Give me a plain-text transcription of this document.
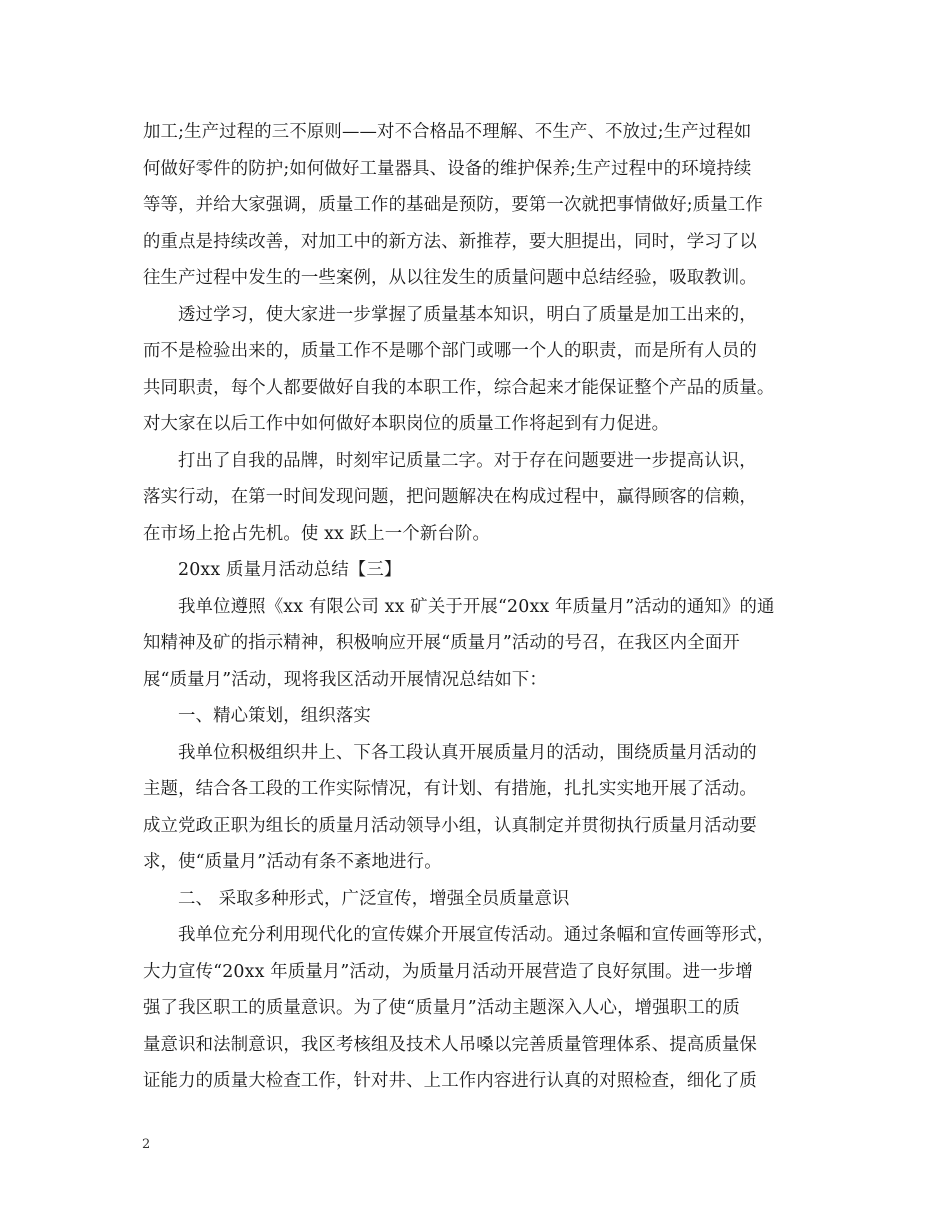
加工;生产过程的三不原则——对不合格品不理解、不生产、不放过;生产过程如
何做好零件的防护;如何做好工量器具、设备的维护保养;生产过程中的环境持续
等等，并给大家强调，质量工作的基础是预防，要第一次就把事情做好;质量工作
的重点是持续改善，对加工中的新方法、新推荐，要大胆提出，同时，学习了以
往生产过程中发生的一些案例，从以往发生的质量问题中总结经验，吸取教训。
透过学习，使大家进一步掌握了质量基本知识，明白了质量是加工出来的，
而不是检验出来的，质量工作不是哪个部门或哪一个人的职责，而是所有人员的
共同职责，每个人都要做好自我的本职工作，综合起来才能保证整个产品的质量。
对大家在以后工作中如何做好本职岗位的质量工作将起到有力促进。
打出了自我的品牌，时刻牢记质量二字。对于存在问题要进一步提高认识，
落实行动，在第一时间发现问题，把问题解决在构成过程中，赢得顾客的信赖，
在市场上抢占先机。使 xx 跃上一个新台阶。
20xx 质量月活动总结【三】
我单位遵照《xx 有限公司 xx 矿关于开展“20xx 年质量月”活动的通知》的通
知精神及矿的指示精神，积极响应开展“质量月”活动的号召，在我区内全面开
展“质量月”活动，现将我区活动开展情况总结如下：
一、精心策划，组织落实
我单位积极组织井上、下各工段认真开展质量月的活动，围绕质量月活动的
主题，结合各工段的工作实际情况，有计划、有措施，扎扎实实地开展了活动。
成立党政正职为组长的质量月活动领导小组，认真制定并贯彻执行质量月活动要
求，使“质量月”活动有条不紊地进行。
二、 采取多种形式，广泛宣传，增强全员质量意识
我单位充分利用现代化的宣传媒介开展宣传活动。通过条幅和宣传画等形式，
大力宣传“20xx 年质量月”活动，为质量月活动开展营造了良好氛围。进一步增
强了我区职工的质量意识。为了使“质量月”活动主题深入人心，增强职工的质
量意识和法制意识，我区考核组及技术人吊嗓以完善质量管理体系、提高质量保
证能力的质量大检查工作，针对井、上工作内容进行认真的对照检查，细化了质
2
